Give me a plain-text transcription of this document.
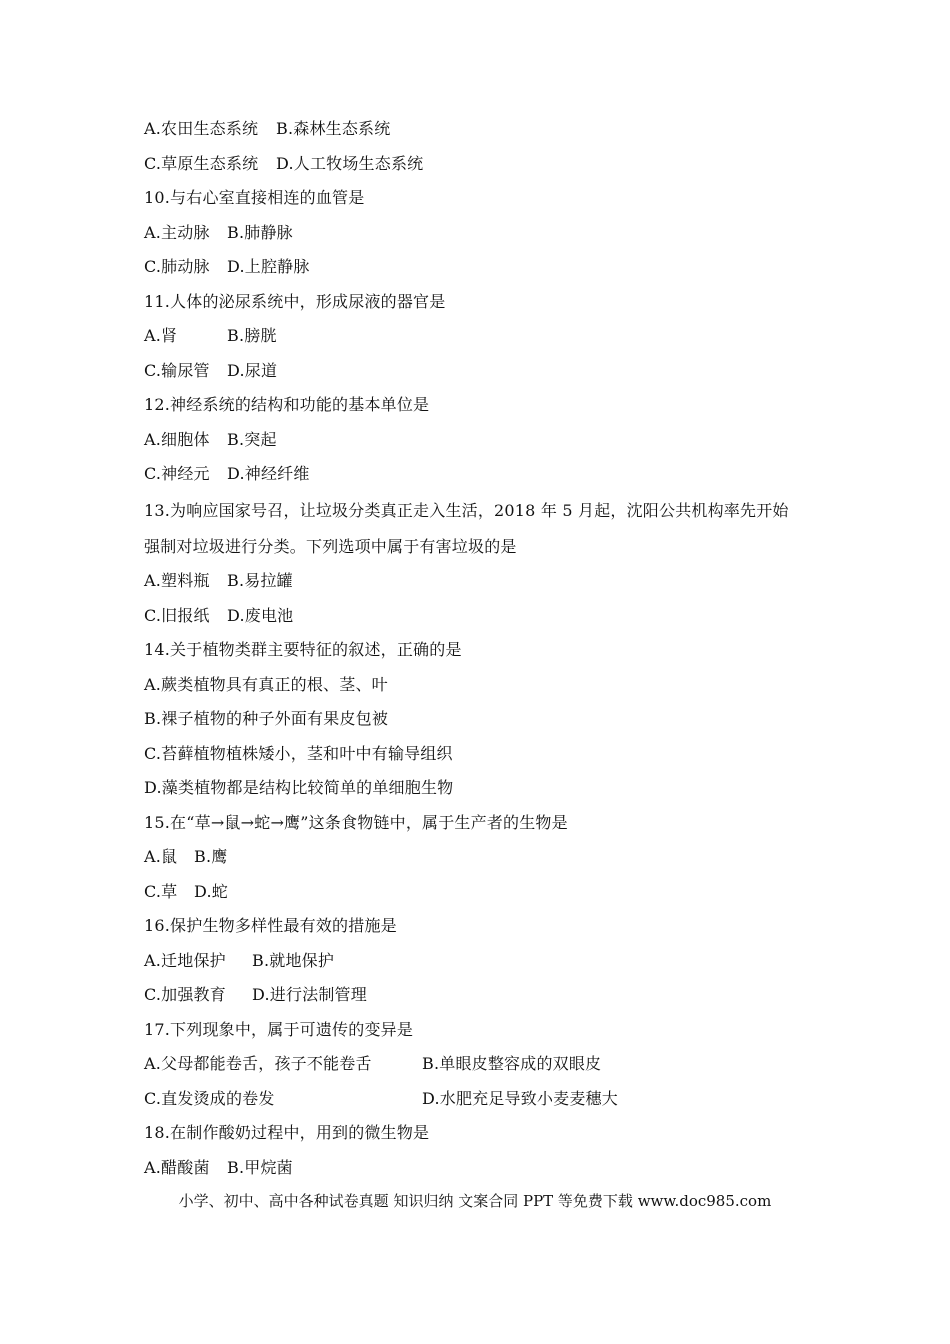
A.农田生态系统 B.森林生态系统
C.草原生态系统 D.人工牧场生态系统
10.与右心室直接相连的血管是
A.主动脉 B.肺静脉
C.肺动脉 D.上腔静脉
11.人体的泌尿系统中，形成尿液的器官是
A.肾	B.膀胱
C.输尿管 D.尿道
12.神经系统的结构和功能的基本单位是
A.细胞体 B.突起
C.神经元 D.神经纤维
13.为响应国家号召，让垃圾分类真正走入生活，2018 年 5 月起，沈阳公共机构率先开始
强制对垃圾进行分类。下列选项中属于有害垃圾的是
A.塑料瓶 B.易拉罐
C.旧报纸 D.废电池
14.关于植物类群主要特征的叙述，正确的是
A.蕨类植物具有真正的根、茎、叶
B.裸子植物的种子外面有果皮包被
C.苔藓植物植株矮小，茎和叶中有输导组织
D.藻类植物都是结构比较简单的单细胞生物
15.在“草→鼠→蛇→鹰”这条食物链中，属于生产者的生物是
A.鼠 B.鹰
C.草 D.蛇
16.保护生物多样性最有效的措施是
A.迁地保护 B.就地保护
C.加强教育 D.进行法制管理
17.下列现象中，属于可遗传的变异是
A.父母都能卷舌，孩子不能卷舌	B.单眼皮整容成的双眼皮
C.直发烫成的卷发	D.水肥充足导致小麦麦穗大
18.在制作酸奶过程中，用到的微生物是
A.醋酸菌 B.甲烷菌
小学、初中、高中各种试卷真题 知识归纳 文案合同 PPT 等免费下载 www.doc985.com
